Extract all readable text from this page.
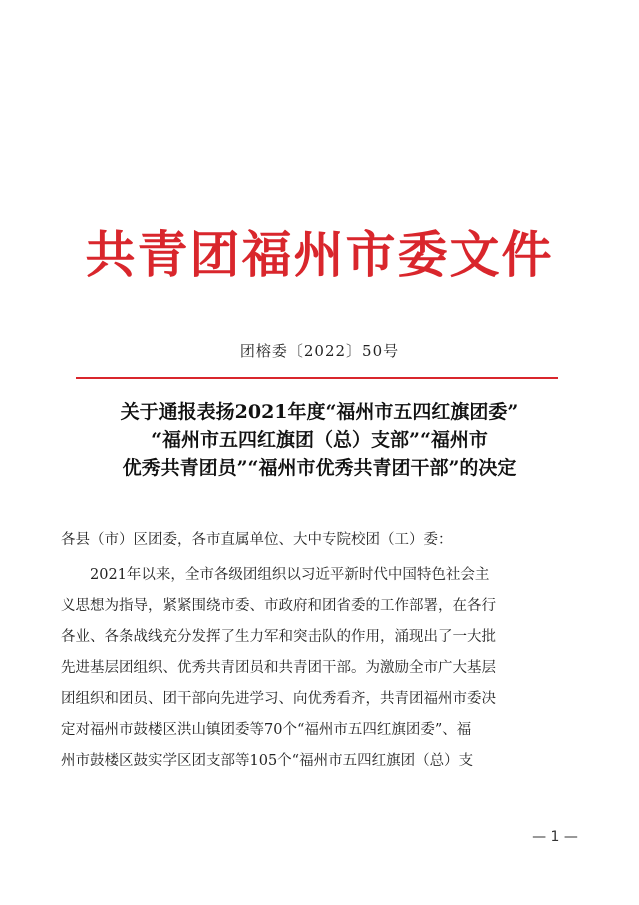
共青团福州市委文件
团榕委〔2022〕50号
关于通报表扬2021年度“福州市五四红旗团委”
“福州市五四红旗团（总）支部”“福州市
优秀共青团员”“福州市优秀共青团干部”的决定
各县（市）区团委，各市直属单位、大中专院校团（工）委：
2021年以来，全市各级团组织以习近平新时代中国特色社会主
义思想为指导，紧紧围绕市委、市政府和团省委的工作部署，在各行
各业、各条战线充分发挥了生力军和突击队的作用，涌现出了一大批
先进基层团组织、优秀共青团员和共青团干部。为激励全市广大基层
团组织和团员、团干部向先进学习、向优秀看齐，共青团福州市委决
定对福州市鼓楼区洪山镇团委等70个“福州市五四红旗团委”、福
州市鼓楼区鼓实学区团支部等105个“福州市五四红旗团（总）支
— 1 —
